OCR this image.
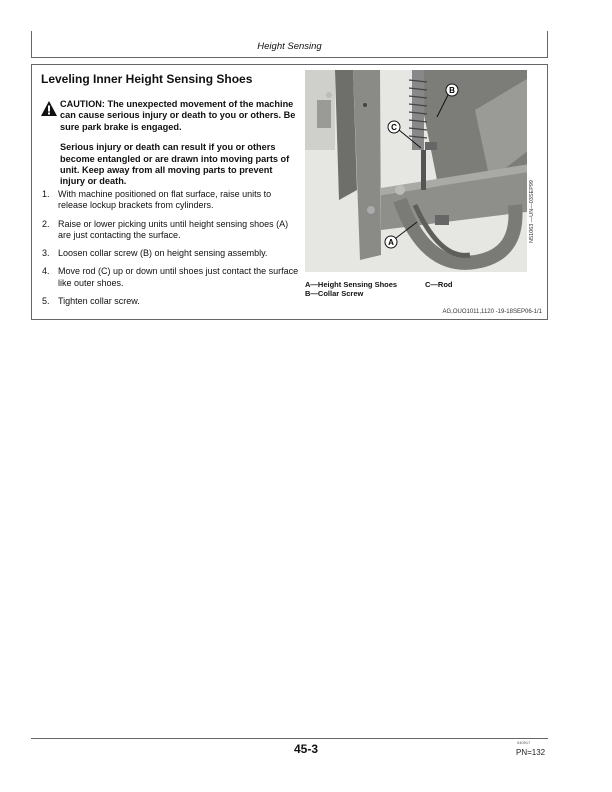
Height Sensing
Leveling Inner Height Sensing Shoes
CAUTION: The unexpected movement of the machine can cause serious injury or death to you or others. Be sure park brake is engaged.
Serious injury or death can result if you or others become entangled or are drawn into moving parts of unit. Keep away from all moving parts to prevent injury or death.
1. With machine positioned on flat surface, raise units to release lockup brackets from cylinders.
2. Raise or lower picking units until height sensing shoes (A) are just contacting the surface.
3. Loosen collar screw (B) on height sensing assembly.
4. Move rod (C) up or down until shoes just contact the surface like outer shoes.
5. Tighten collar screw.
B
C
A	N51063 —UN—03SEP99
A—Height Sensing Shoes
B—Collar Screw
C—Rod
AG,OUO1011,1120 -19-18SEP06-1/1
45-3	040917
PN=132
